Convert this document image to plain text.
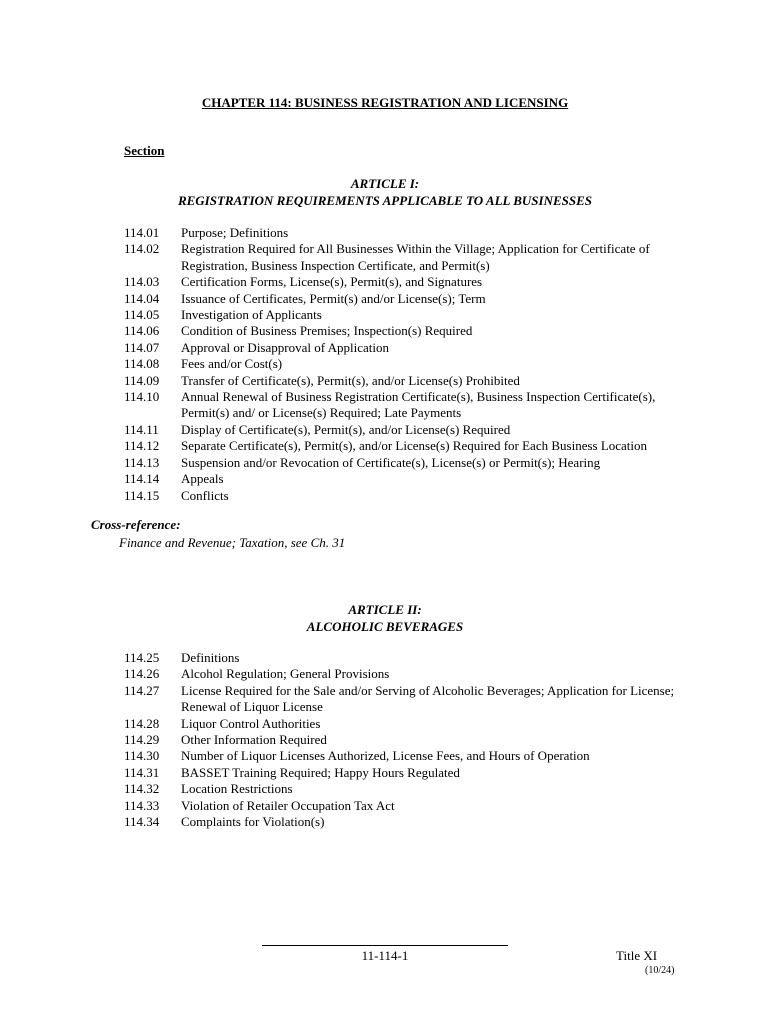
CHAPTER 114: BUSINESS REGISTRATION AND LICENSING
Section
ARTICLE I:
REGISTRATION REQUIREMENTS APPLICABLE TO ALL BUSINESSES
114.01	Purpose; Definitions
114.02	Registration Required for All Businesses Within the Village; Application for Certificate of Registration, Business Inspection Certificate, and Permit(s)
114.03	Certification Forms, License(s), Permit(s), and Signatures
114.04	Issuance of Certificates, Permit(s) and/or License(s); Term
114.05	Investigation of Applicants
114.06	Condition of Business Premises; Inspection(s) Required
114.07	Approval or Disapproval of Application
114.08	Fees and/or Cost(s)
114.09	Transfer of Certificate(s), Permit(s), and/or License(s) Prohibited
114.10	Annual Renewal of Business Registration Certificate(s), Business Inspection Certificate(s), Permit(s) and/ or License(s) Required; Late Payments
114.11	Display of Certificate(s), Permit(s), and/or License(s) Required
114.12	Separate Certificate(s), Permit(s), and/or License(s) Required for Each Business Location
114.13	Suspension and/or Revocation of Certificate(s), License(s) or Permit(s); Hearing
114.14	Appeals
114.15	Conflicts
Cross-reference:
Finance and Revenue; Taxation, see Ch. 31
ARTICLE II:
ALCOHOLIC BEVERAGES
114.25	Definitions
114.26	Alcohol Regulation; General Provisions
114.27	License Required for the Sale and/or Serving of Alcoholic Beverages; Application for License; Renewal of Liquor License
114.28	Liquor Control Authorities
114.29	Other Information Required
114.30	Number of Liquor Licenses Authorized, License Fees, and Hours of Operation
114.31	BASSET Training Required; Happy Hours Regulated
114.32	Location Restrictions
114.33	Violation of Retailer Occupation Tax Act
114.34	Complaints for Violation(s)
11-114-1	Title XI
(10/24)
